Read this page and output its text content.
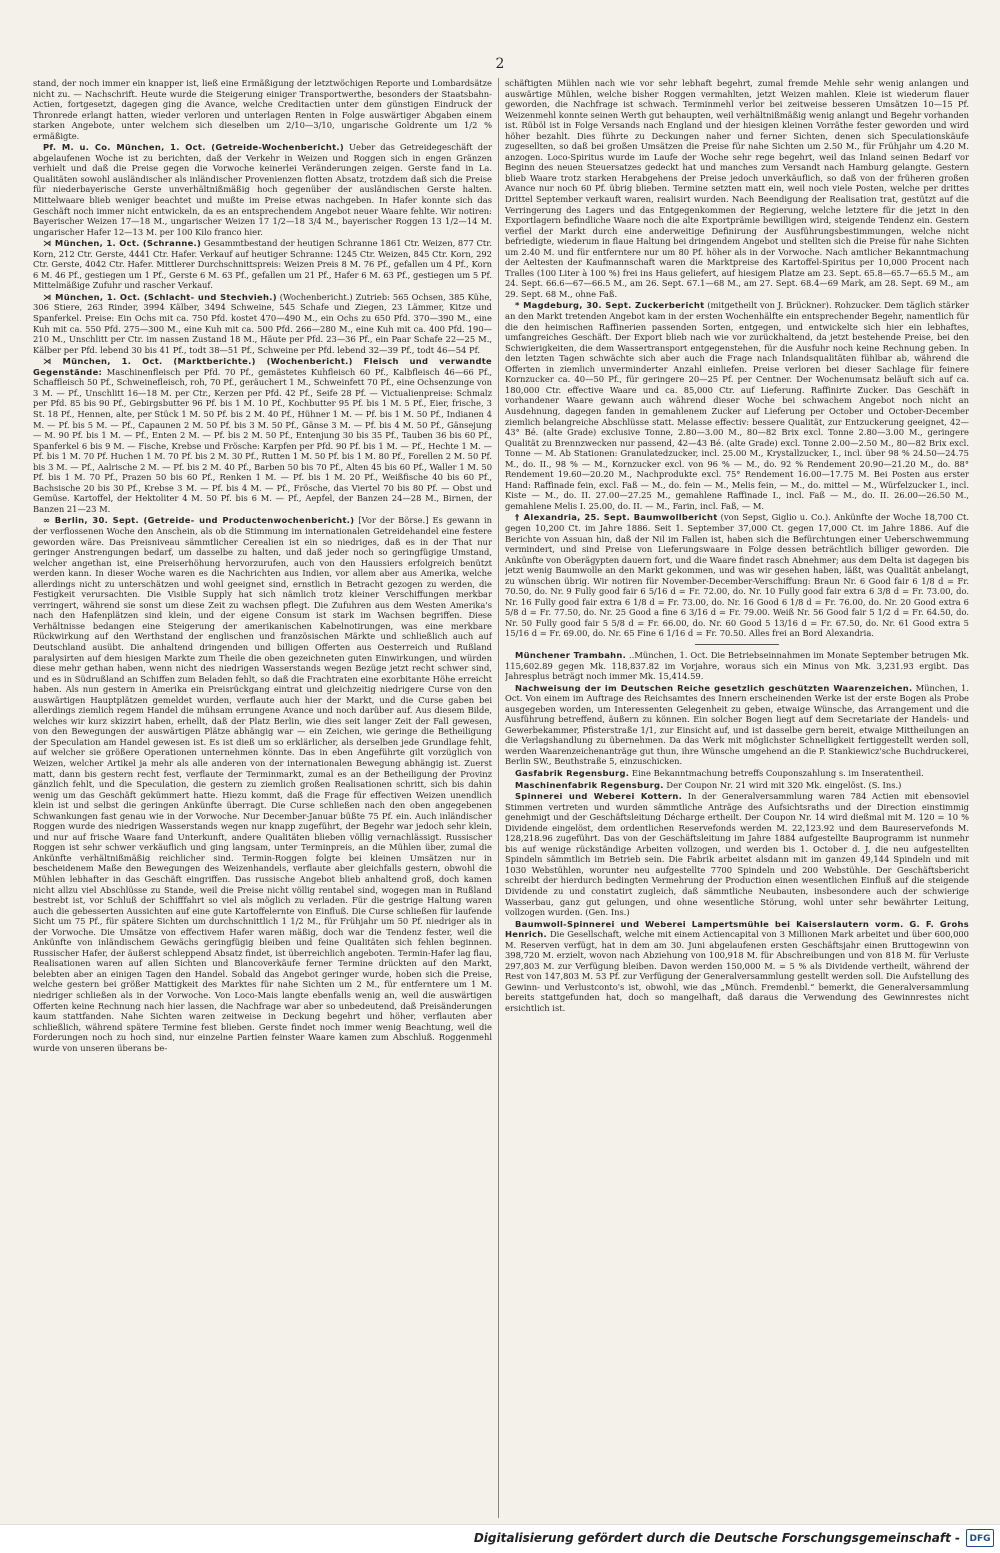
2

stand, der noch immer ein knapper ist, ließ eine Ermäßigung der letztwöchigen Reporte und Lombardsätze nicht zu. — Nachschrift. Heute wurde die Steigerung einiger Transportwerthe, besonders der Staatsbahn-Actien, fortgesetzt, dagegen ging die Avance, welche Creditactien unter dem günstigen Eindruck der Thronrede erlangt hatten, wieder verloren und unterlagen Renten in Folge auswärtiger Abgaben einem starken Angebote, unter welchem sich dieselben um 2/10—3/10, ungarische Goldrente um 1/2 % ermäßigte.

Pf. M. u. Co. München, 1. Oct. (Getreide-Wochenbericht.) Ueber das Getreidegeschäft der abgelaufenen Woche ist zu berichten, daß der Verkehr in Weizen und Roggen sich in engen Gränzen verhielt und daß die Preise gegen die Vorwoche keinerlei Veränderungen zeigen. Gerste fand in La. Qualitäten sowohl ausländischer als inländischer Provenienzen flotten Absatz, trotzdem daß sich die Preise für niederbayerische Gerste unverhältnißmäßig hoch gegenüber der ausländischen Gerste halten. Mittelwaare blieb weniger beachtet und mußte im Preise etwas nachgeben. In Hafer konnte sich das Geschäft noch immer nicht entwickeln, da es an entsprechendem Angebot neuer Waare fehlte. Wir notiren: Bayerischer Weizen 17—18 M., ungarischer Weizen 17 1/2—18 3/4 M., bayerischer Roggen 13 1/2—14 M. ungarischer Hafer 12—13 M. per 100 Kilo franco hier.

⋊ München, 1. Oct. (Schranne.) Gesammtbestand der heutigen Schranne 1861 Ctr. Weizen, 877 Ctr. Korn, 212 Ctr. Gerste, 4441 Ctr. Hafer. Verkauf auf heutiger Schranne: 1245 Ctr. Weizen, 845 Ctr. Korn, 292 Ctr. Gerste, 4042 Ctr. Hafer. Mittlerer Durchschnittspreis: Weizen Preis 8 M. 76 Pf., gefallen um 4 Pf., Korn 6 M. 46 Pf., gestiegen um 1 Pf., Gerste 6 M. 63 Pf., gefallen um 21 Pf., Hafer 6 M. 63 Pf., gestiegen um 5 Pf. Mittelmäßige Zufuhr und rascher Verkauf.

⋊ München, 1. Oct. (Schlacht- und Stechvieh.) (Wochenbericht.) Zutrieb: 565 Ochsen, 385 Kühe, 306 Stiere, 263 Rinder, 3994 Kälber, 3494 Schweine, 545 Schafe und Ziegen, 23 Lämmer, Kitze und Spanferkel. Preise: Ein Ochs mit ca. 750 Pfd. kostet 470—490 M., ein Ochs zu 650 Pfd. 370—390 M., eine Kuh mit ca. 550 Pfd. 275—300 M., eine Kuh mit ca. 500 Pfd. 266—280 M., eine Kuh mit ca. 400 Pfd. 190—210 M., Unschlitt per Ctr. im nassen Zustand 18 M., Häute per Pfd. 23—36 Pf., ein Paar Schafe 22—25 M., Kälber per Pfd. lebend 30 bis 41 Pf., todt 38—51 Pf., Schweine per Pfd. lebend 32—39 Pf., todt 46—54 Pf.

⋊ München, 1. Oct. (Marktberichte.) (Wochenbericht.) Fleisch und verwandte Gegenstände: Maschinenfleisch per Pfd. 70 Pf., gemästetes Kuhfleisch 60 Pf., Kalbfleisch 46—66 Pf., Schaffleisch 50 Pf., Schweinefleisch, roh, 70 Pf., geräuchert 1 M., Schweinfett 70 Pf., eine Ochsenzunge von 3 M. — Pf., Unschlitt 16—18 M. per Ctr., Kerzen per Pfd. 42 Pf., Seife 28 Pf. — Victualienpreise: Schmalz per Pfd. 85 bis 90 Pf., Gebirgsbutter 96 Pf. bis 1 M. 10 Pf., Kochbutter 95 Pf. bis 1 M. 5 Pf., Eier, frische, 3 St. 18 Pf., Hennen, alte, per Stück 1 M. 50 Pf. bis 2 M. 40 Pf., Hühner 1 M. — Pf. bis 1 M. 50 Pf., Indianen 4 M. — Pf. bis 5 M. — Pf., Capaunen 2 M. 50 Pf. bis 3 M. 50 Pf., Gänse 3 M. — Pf. bis 4 M. 50 Pf., Gänsejung — M. 90 Pf. bis 1 M. — Pf., Enten 2 M. — Pf. bis 2 M. 50 Pf., Entenjung 30 bis 35 Pf., Tauben 36 bis 60 Pf., Spanferkel 6 bis 9 M. — Fische, Krebse und Frösche: Karpfen per Pfd. 90 Pf. bis 1 M. — Pf., Hechte 1 M. — Pf. bis 1 M. 70 Pf. Huchen 1 M. 70 Pf. bis 2 M. 30 Pf., Rutten 1 M. 50 Pf. bis 1 M. 80 Pf., Forellen 2 M. 50 Pf. bis 3 M. — Pf., Aalrische 2 M. — Pf. bis 2 M. 40 Pf., Barben 50 bis 70 Pf., Alten 45 bis 60 Pf., Waller 1 M. 50 Pf. bis 1 M. 70 Pf., Prazen 50 bis 60 Pf., Renken 1 M. — Pf. bis 1 M. 20 Pf., Weißfische 40 bis 60 Pf., Bachsische 20 bis 30 Pf., Krebse 3 M. — Pf. bis 4 M. — Pf., Frösche, das Viertel 70 bis 80 Pf. — Obst und Gemüse. Kartoffel, der Hektoliter 4 M. 50 Pf. bis 6 M. — Pf., Aepfel, der Banzen 24—28 M., Birnen, der Banzen 21—23 M.

∞ Berlin, 30. Sept. (Getreide- und Productenwochenbericht.) [Vor der Börse.] Es gewann in der verflossenen Woche den Anschein, als ob die Stimmung im internationalen Getreidehandel eine festere geworden wäre. Das Preisniveau sämmtlicher Cerealien ist ein so niedriges, daß es in der That nur geringer Anstrengungen bedarf, um dasselbe zu halten, und daß jeder noch so geringfügige Umstand, welcher angethan ist, eine Preiserhöhung hervorzurufen, auch von den Haussiers erfolgreich benützt werden kann. In dieser Woche waren es die Nachrichten aus Indien, vor allem aber aus Amerika, welche allerdings nicht zu unterschätzen und wohl geeignet sind, ernstlich in Betracht gezogen zu werden, die Festigkeit verursachten. Die Visible Supply hat sich nämlich trotz kleiner Verschiffungen merkbar verringert, während sie sonst um diese Zeit zu wachsen pflegt. Die Zufuhren aus dem Westen Amerika's nach den Hafenplätzen sind klein, und der eigene Consum ist stark im Wachsen begriffen. Diese Verhältnisse bedangen eine Steigerung der amerikanischen Kabelnotirungen, was eine merkbare Rückwirkung auf den Werthstand der englischen und französischen Märkte und schließlich auch auf Deutschland ausübt. Die anhaltend dringenden und billigen Offerten aus Oesterreich und Rußland paralysirten auf dem hiesigen Markte zum Theile die oben gezeichneten guten Einwirkungen, und würden diese mehr gethan haben, wenn nicht des niedrigen Wasserstands wegen Bezüge jetzt recht schwer sind, und es in Südrußland an Schiffen zum Beladen fehlt, so daß die Frachtraten eine exorbitante Höhe erreicht haben. Als nun gestern in Amerika ein Preisrückgang eintrat und gleichzeitig niedrigere Curse von den auswärtigen Hauptplätzen gemeldet wurden, verflaute auch hier der Markt, und die Curse gaben bei allerdings ziemlich regem Handel die mühsam errungene Avance und noch darüber auf. Aus diesem Bilde, welches wir kurz skizzirt haben, erhellt, daß der Platz Berlin, wie dies seit langer Zeit der Fall gewesen, von den Bewegungen der auswärtigen Plätze abhängig war — ein Zeichen, wie geringe die Betheiligung der Speculation am Handel gewesen ist. Es ist dieß um so erklärlicher, als derselben jede Grundlage fehlt, auf welcher sie größere Operationen unternehmen könnte. Das in eben Angeführte gilt vorzüglich von Weizen, welcher Artikel ja mehr als alle anderen von der internationalen Bewegung abhängig ist. Zuerst matt, dann bis gestern recht fest, verflaute der Terminmarkt, zumal es an der Betheiligung der Provinz gänzlich fehlt, und die Speculation, die gestern zu ziemlich großen Realisationen schritt, sich bis dahin wenig um das Geschäft gekümmert hatte. Hiezu kommt, daß die Frage für effectiven Weizen unendlich klein ist und selbst die geringen Ankünfte überragt. Die Curse schließen nach den oben angegebenen Schwankungen fast genau wie in der Vorwoche. Nur December-Januar büßte 75 Pf. ein. Auch inländischer Roggen wurde des niedrigen Wasserstands wegen nur knapp zugeführt, der Begehr war jedoch sehr klein, und nur auf frische Waare fand Unterkunft, andere Qualitäten blieben völlig vernachlässigt. Russischer Roggen ist sehr schwer verkäuflich und ging langsam, unter Terminpreis, an die Mühlen über, zumal die Ankünfte verhältnißmäßig reichlicher sind. Termin-Roggen folgte bei kleinen Umsätzen nur in bescheidenem Maße den Bewegungen des Weizenhandels, verflaute aber gleichfalls gestern, obwohl die Mühlen lebhafter in das Geschäft eingriffen. Das russische Angebot blieb anhaltend groß, doch kamen nicht allzu viel Abschlüsse zu Stande, weil die Preise nicht völlig rentabel sind, wogegen man in Rußland bestrebt ist, vor Schluß der Schifffahrt so viel als möglich zu verladen. Für die gestrige Haltung waren auch die gebesserten Aussichten auf eine gute Kartoffelernte von Einfluß. Die Curse schließen für laufende Sicht um 75 Pf., für spätere Sichten um durchschnittlich 1 1/2 M., für Frühjahr um 50 Pf. niedriger als in der Vorwoche. Die Umsätze von effectivem Hafer waren mäßig, doch war die Tendenz fester, weil die Ankünfte von inländischem Gewächs geringfügig bleiben und feine Qualitäten sich fehlen beginnen. Russischer Hafer, der äußerst schleppend Absatz findet, ist überreichlich angeboten. Termin-Hafer lag flau, Realisationen waren auf allen Sichten und Blancoverkäufe ferner Termine drückten auf den Markt, belebten aber an einigen Tagen den Handel. Sobald das Angebot geringer wurde, hoben sich die Preise, welche gestern bei größer Mattigkeit des Marktes für nahe Sichten um 2 M., für entferntere um 1 M. niedriger schließen als in der Vorwoche. Von Loco-Mais langte ebenfalls wenig an, weil die auswärtigen Offerten keine Rechnung nach hier lassen, die Nachfrage war aber so unbedeutend, daß Preisänderungen kaum stattfanden. Nahe Sichten waren zeitweise in Deckung begehrt und höher, verflauten aber schließlich, während spätere Termine fest blieben. Gerste findet noch immer wenig Beachtung, weil die Forderungen noch zu hoch sind, nur einzelne Partien feinster Waare kamen zum Abschluß. Roggenmehl wurde von unseren überans be-

schäftigten Mühlen nach wie vor sehr lebhaft begehrt, zumal fremde Mehle sehr wenig anlangen und auswärtige Mühlen, welche bisher Roggen vermahlten, jetzt Weizen mahlen. Kleie ist wiederum flauer geworden, die Nachfrage ist schwach. Terminmehl verlor bei zeitweise besseren Umsätzen 10—15 Pf. Weizenmehl konnte seinen Werth gut behaupten, weil verhältnißmäßig wenig anlangt und Begehr vorhanden ist. Rüböl ist in Folge Versands nach England und der hiesigen kleinen Vorräthe fester geworden und wird höher bezahlt. Dies führte zu Deckungen naher und ferner Sichten, denen sich Speculationskäufe zugesellten, so daß bei großen Umsätzen die Preise für nahe Sichten um 2.50 M., für Frühjahr um 4.20 M. anzogen. Loco-Spiritus wurde im Laufe der Woche sehr rege begehrt, weil das Inland seinen Bedarf vor Beginn des neuen Steuersatzes gedeckt hat und manches zum Versandt nach Hamburg gelangte. Gestern blieb Waare trotz starken Herabgehens der Preise jedoch unverkäuflich, so daß von der früheren großen Avance nur noch 60 Pf. übrig blieben. Termine setzten matt ein, weil noch viele Posten, welche per drittes Drittel September verkauft waren, realisirt wurden. Nach Beendigung der Realisation trat, gestützt auf die Verringerung des Lagers und das Entgegenkommen der Regierung, welche letztere für die jetzt in den Exportlagern befindliche Waare noch die alte Exportprämie bewilligen wird, steigende Tendenz ein. Gestern verfiel der Markt durch eine anderweitige Definirung der Ausführungsbestimmungen, welche nicht befriedigte, wiederum in flaue Haltung bei dringendem Angebot und stellten sich die Preise für nahe Sichten um 2.40 M. und für entferntere nur um 80 Pf. höher als in der Vorwoche. Nach amtlicher Bekanntmachung der Aeltesten der Kaufmannschaft waren die Marktpreise des Kartoffel-Spiritus per 10,000 Procent nach Tralles (100 Liter à 100 %) frei ins Haus geliefert, auf hiesigem Platze am 23. Sept. 65.8—65.7—65.5 M., am 24. Sept. 66.6—67—66.5 M., am 26. Sept. 67.1—68 M., am 27. Sept. 68.4—69 Mark, am 28. Sept. 69 M., am 29. Sept. 68 M., ohne Faß.

* Magdeburg, 30. Sept. Zuckerbericht (mitgetheilt von J. Brückner). Rohzucker. Dem täglich stärker an den Markt tretenden Angebot kam in der ersten Wochenhälfte ein entsprechender Begehr, namentlich für die den heimischen Raffinerien passenden Sorten, entgegen, und entwickelte sich hier ein lebhaftes, umfangreiches Geschäft. Der Export blieb nach wie vor zurückhaltend, da jetzt bestehende Preise, bei den Schwierigkeiten, die dem Wassertransport entgegenstehen, für die Ausfuhr noch keine Rechnung geben. In den letzten Tagen schwächte sich aber auch die Frage nach Inlandsqualitäten fühlbar ab, während die Offerten in ziemlich unverminderter Anzahl einliefen. Preise verloren bei dieser Sachlage für feinere Kornzucker ca. 40—50 Pf., für geringere 20—25 Pf. per Centner. Der Wochenumsatz beläuft sich auf ca. 180,000 Ctr. effective Waare und ca. 85,000 Ctr. auf Lieferung. Raffinirte Zucker. Das Geschäft in vorhandener Waare gewann auch während dieser Woche bei schwachem Angebot noch nicht an Ausdehnung, dagegen fanden in gemahlenem Zucker auf Lieferung per October und October-December ziemlich belangreiche Abschlüsse statt. Melasse effectiv: bessere Qualität, zur Entzuckerung geeignet, 42—43° Bé. (alte Grade) exclusive Tonne, 2.80—3.00 M., 80—82 Brix excl. Tonne 2.80—3.00 M., geringere Qualität zu Brennzwecken nur passend, 42—43 Bé. (alte Grade) excl. Tonne 2.00—2.50 M., 80—82 Brix excl. Tonne — M. Ab Stationen: Granulatedzucker, incl. 25.00 M., Krystallzucker, I., incl. über 98 % 24.50—24.75 M., do. II., 98 % — M., Kornzucker excl. von 96 % — M., do. 92 % Rendement 20.90—21.20 M., do. 88° Rendement 19.60—20.20 M., Nachprodukte excl. 75° Rendement 16.00—17.75 M. Bei Posten aus erster Hand: Raffinade fein, excl. Faß — M., do. fein — M., Melis fein, — M., do. mittel — M., Würfelzucker I., incl. Kiste — M., do. II. 27.00—27.25 M., gemahlene Raffinade I., incl. Faß — M., do. II. 26.00—26.50 M., gemahlene Melis I. 25.00, do. II. — M., Farin, incl. Faß, — M.

† Alexandria, 25. Sept. Baumwollbericht (von Sepst, Giglio u. Co.). Ankünfte der Woche 18,700 Ct. gegen 10,200 Ct. im Jahre 1886. Seit 1. September 37,000 Ct. gegen 17,000 Ct. im Jahre 1886. Auf die Berichte von Assuan hin, daß der Nil im Fallen ist, haben sich die Befürchtungen einer Ueberschwemmung vermindert, und sind Preise von Lieferungswaare in Folge dessen beträchtlich billiger geworden. Die Ankünfte von Oberägypten dauern fort, und die Waare findet rasch Abnehmer; aus dem Delta ist dagegen bis jetzt wenig Baumwolle an den Markt gekommen, und was wir gesehen haben, läßt, was Qualität anbelangt, zu wünschen übrig. Wir notiren für November-December-Verschiffung: Braun Nr. 6 Good fair 6 1/8 d = Fr. 70.50, do. Nr. 9 Fully good fair 6 5/16 d = Fr. 72.00, do. Nr. 10 Fully good fair extra 6 3/8 d = Fr. 73.00, do. Nr. 16 Fully good fair extra 6 1/8 d = Fr. 73.00, do. Nr. 16 Good 6 1/8 d = Fr. 76.00, do. Nr. 20 Good extra 6 5/8 d = Fr. 77.50, do. Nr. 25 Good a fine 6 3/16 d = Fr. 79.00. Weiß Nr. 56 Good fair 5 1/2 d = Fr. 64.50, do. Nr. 50 Fully good fair 5 5/8 d = Fr. 66.00, do. Nr. 60 Good 5 13/16 d = Fr. 67.50, do. Nr. 61 Good extra 5 15/16 d = Fr. 69.00, do. Nr. 65 Fine 6 1/16 d = Fr. 70.50. Alles frei an Bord Alexandria.

Münchener Trambahn. ..München, 1. Oct. Die Betriebseinnahmen im Monate September betrugen Mk. 115,602.89 gegen Mk. 118,837.82 im Vorjahre, woraus sich ein Minus von Mk. 3,231.93 ergibt. Das Jahresplus beträgt noch immer Mk. 15,414.59.

Nachweisung der im Deutschen Reiche gesetzlich geschützten Waarenzeichen. München, 1. Oct. Von einem im Auftrage des Reichsamtes des Innern erscheinenden Werke ist der erste Bogen als Probe ausgegeben worden, um Interessenten Gelegenheit zu geben, etwaige Wünsche, das Arrangement und die Ausführung betreffend, äußern zu können. Ein solcher Bogen liegt auf dem Secretariate der Handels- und Gewerbekammer, Pfisterstraße 1/1, zur Einsicht auf, und ist dasselbe gern bereit, etwaige Mittheilungen an die Verlagshandlung zu übernehmen. Da das Werk mit möglichster Schnelligkeit fertiggestellt werden soll, werden Waarenzeichenanträge gut thun, ihre Wünsche umgehend an die P. Stankiewicz'sche Buchdruckerei, Berlin SW., Beuthstraße 5, einzuschicken.

Gasfabrik Regensburg. Eine Bekanntmachung betreffs Couponszahlung s. im Inseratentheil.

Maschinenfabrik Regensburg. Der Coupon Nr. 21 wird mit 320 Mk. eingelöst. (S. Ins.)

Spinnerei und Weberei Kottern. In der Generalversammlung waren 784 Actien mit ebensoviel Stimmen vertreten und wurden sämmtliche Anträge des Aufsichtsraths und der Direction einstimmig genehmigt und der Geschäftsleitung Décharge ertheilt. Der Coupon Nr. 14 wird dießmal mit M. 120 = 10 % Dividende eingelöst, dem ordentlichen Reservefonds werden M. 22,123.92 und dem Baureservefonds M. 128,218.96 zugeführt. Das von der Geschäftsleitung im Jahre 1884 aufgestellte Bauprogramm ist nunmehr bis auf wenige rückständige Arbeiten vollzogen, und werden bis 1. October d. J. die neu aufgestellten Spindeln sämmtlich im Betrieb sein. Die Fabrik arbeitet alsdann mit im ganzen 49,144 Spindeln und mit 1030 Webstühlen, worunter neu aufgestellte 7700 Spindeln und 200 Webstühle. Der Geschäftsbericht schreibt der hierdurch bedingten Vermehrung der Production einen wesentlichen Einfluß auf die steigende Dividende zu und constatirt zugleich, daß sämmtliche Neubauten, insbesondere auch der schwierige Wasserbau, ganz gut gelungen, und ohne wesentliche Störung, wohl unter sehr bewährter Leitung, vollzogen wurden. (Gen. Ins.)

Baumwoll-Spinnerei und Weberei Lampertsmühle bei Kaiserslautern vorm. G. F. Grohs Henrich. Die Gesellschaft, welche mit einem Actiencapital von 3 Millionen Mark arbeitet und über 600,000 M. Reserven verfügt, hat in dem am 30. Juni abgelaufenen ersten Geschäftsjahr einen Bruttogewinn von 398,720 M. erzielt, wovon nach Abziehung von 100,918 M. für Abschreibungen und von 818 M. für Verluste 297,803 M. zur Verfügung bleiben. Davon werden 150,000 M. = 5 % als Dividende vertheilt, während der Rest von 147,803 M. 53 Pf. zur Verfügung der Generalversammlung gestellt werden soll. Die Aufstellung des Gewinn- und Verlustconto's ist, obwohl, wie das „Münch. Fremdenbl.“ bemerkt, die Generalversammlung bereits stattgefunden hat, doch so mangelhaft, daß daraus die Verwendung des Gewinnrestes nicht ersichtlich ist.

Digitalisierung gefördert durch die Deutsche Forschungsgemeinschaft -	DFG
